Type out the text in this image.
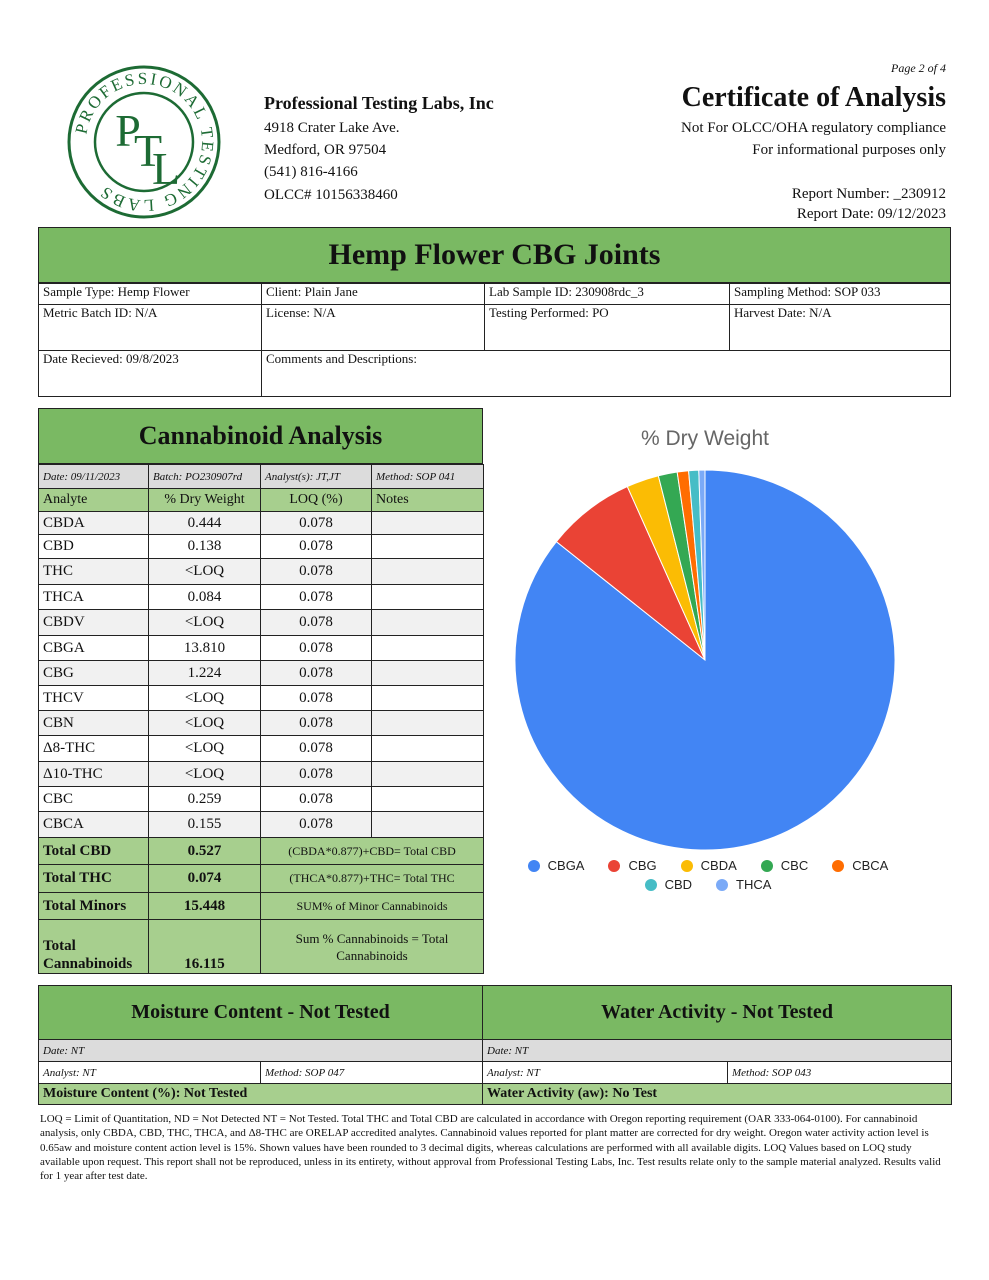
Page 2 of 4
PROFESSIONAL TESTING LABS
P
T
L
Professional Testing Labs, Inc
4918 Crater Lake Ave.
Medford, OR 97504
(541) 816-4166
OLCC# 10156338460
Certificate of Analysis
Not For OLCC/OHA regulatory compliance
For informational purposes only
Report Number: _230912
Report Date: 09/12/2023
Hemp Flower CBG Joints
Sample Type: Hemp Flower	Client: Plain Jane	Lab Sample ID: 230908rdc_3	Sampling Method: SOP 033
Metric Batch ID: N/A	License: N/A	Testing Performed: PO	Harvest Date: N/A
Date Recieved: 09/8/2023	Comments and Descriptions:		
Cannabinoid Analysis
Date: 09/11/2023	Batch: PO230907rd	Analyst(s): JT,JT	Method: SOP 041
Analyte	% Dry Weight	LOQ (%)	Notes
CBDA	0.444	0.078	
CBD	0.138	0.078	
THC	<LOQ	0.078	
THCA	0.084	0.078	
CBDV	<LOQ	0.078	
CBGA	13.810	0.078	
CBG	1.224	0.078	
THCV	<LOQ	0.078	
CBN	<LOQ	0.078	
Δ8-THC	<LOQ	0.078	
Δ10-THC	<LOQ	0.078	
CBC	0.259	0.078	
CBCA	0.155	0.078	
Total CBD	0.527	(CBDA*0.877)+CBD= Total CBD	
Total THC	0.074	(THCA*0.877)+THC= Total THC	
Total Minors	15.448	SUM% of Minor Cannabinoids	
Total Cannabinoids	16.115	Sum % Cannabinoids = Total Cannabinoids	
% Dry Weight
CBGA	CBG	CBDA	CBC	CBCA
CBD	THCA
Moisture Content - Not Tested		Water Activity - Not Tested	
Date: NT		Date: NT	
Analyst: NT	Method: SOP 047	Analyst: NT	Method: SOP 043
Moisture Content (%): Not Tested		Water Activity (aw): No Test	
LOQ = Limit of Quantitation, ND = Not Detected NT = Not Tested. Total THC and Total CBD are calculated in accordance with Oregon reporting requirement (OAR 333-064-0100). For cannabinoid analysis, only CBDA, CBD, THC, THCA, and Δ8-THC are ORELAP accredited analytes. Cannabinoid values reported for plant matter are corrected for dry weight. Oregon water activity action level is 0.65aw and moisture content action level is 15%. Shown values have been rounded to 3 decimal digits, whereas calculations are performed with all available digits. LOQ Values based on LOQ study available upon request. This report shall not be reproduced, unless in its entirety, without approval from Professional Testing Labs, Inc. Test results relate only to the sample material analyzed. Results valid for 1 year after test date.
